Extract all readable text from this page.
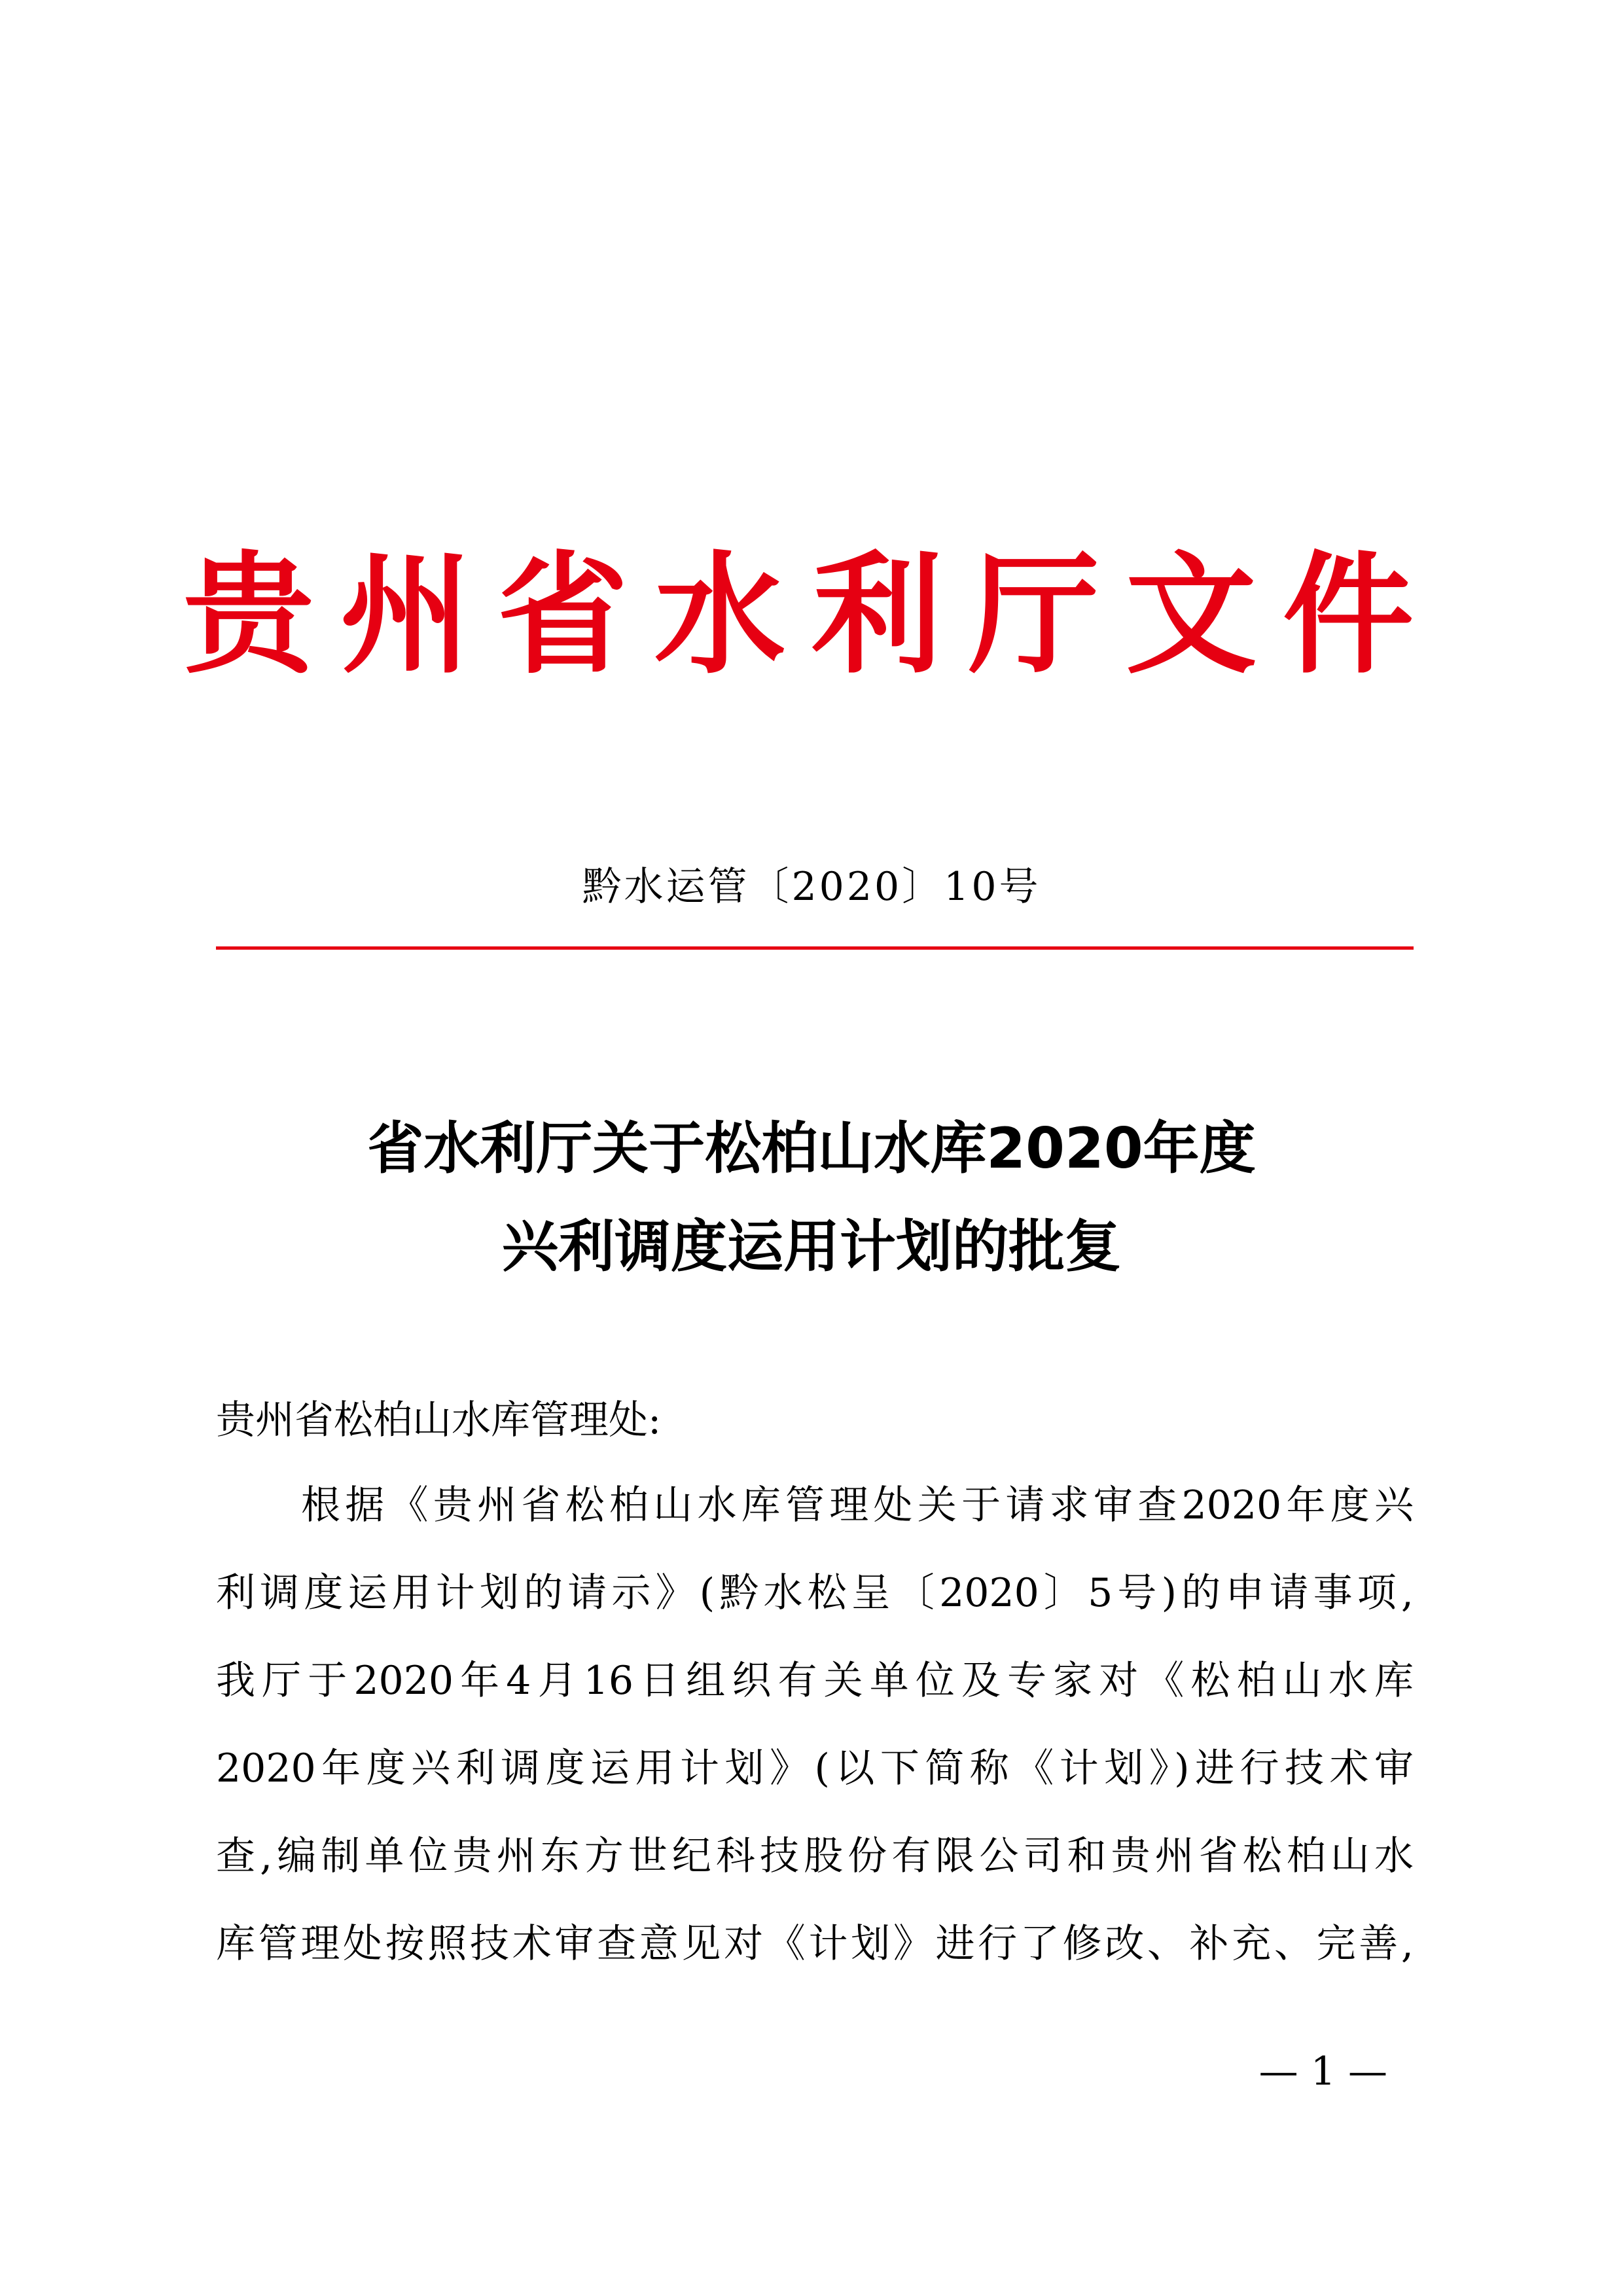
贵州省水利厅文件
黔水运管〔2020〕10号
省水利厅关于松柏山水库2020年度
兴利调度运用计划的批复
贵州省松柏山水库管理处:
根据《贵州省松柏山水库管理处关于请求审查2020年度兴
利调度运用计划的请示》(黔水松呈〔2020〕5号)的申请事项,
我厅于2020年4月16日组织有关单位及专家对《松柏山水库
2020年度兴利调度运用计划》(以下简称《计划》)进行技术审
查,编制单位贵州东方世纪科技股份有限公司和贵州省松柏山水
库管理处按照技术审查意见对《计划》进行了修改、补充、完善,
— 1 —
